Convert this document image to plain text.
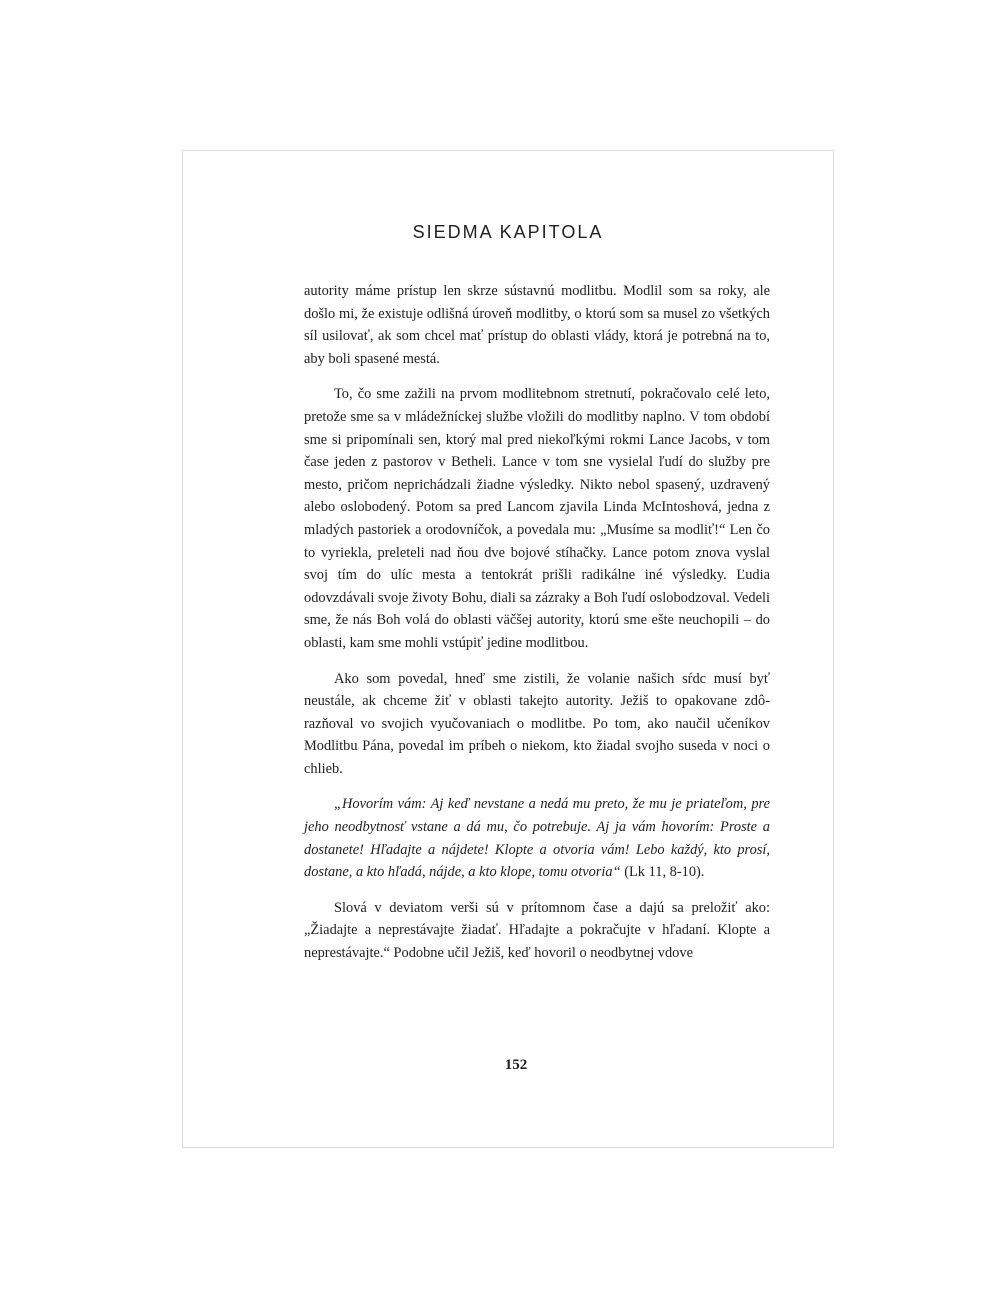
SIEDMA KAPITOLA

autority máme prístup len skrze sústavnú modlitbu. Modlil som sa roky, ale došlo mi, že existuje odlišná úroveň modlitby, o ktorú som sa musel zo všetkých síl usilovať, ak som chcel mať prístup do oblasti vlády, ktorá je potrebná na to, aby boli spasené mestá.

To, čo sme zažili na prvom modlitebnom stretnutí, pokračovalo celé leto, pretože sme sa v mládežníckej službe vložili do modlitby naplno. V tom období sme si pripomínali sen, ktorý mal pred niekoľkými rokmi Lance Jacobs, v tom čase jeden z pastorov v Betheli. Lance v tom sne vysielal ľudí do služby pre mesto, pričom neprichádzali žiadne výsledky. Nikto nebol spasený, uzdravený alebo oslobodený. Potom sa pred Lancom zjavila Linda McIntoshová, jedna z mladých pastoriek a orodovníčok, a povedala mu: „Musíme sa modliť!“ Len čo to vyriekla, preleteli nad ňou dve bojové stíhačky. Lance potom znova vyslal svoj tím do ulíc mesta a tentokrát prišli radikálne iné výsledky. Ľudia odovzdávali svoje životy Bohu, diali sa zázraky a Boh ľudí oslobodzoval. Vedeli sme, že nás Boh volá do oblasti väčšej autority, ktorú sme ešte neuchopili – do oblasti, kam sme mohli vstúpiť jedine modlitbou.

Ako som povedal, hneď sme zistili, že volanie našich sŕdc musí byť neustále, ak chceme žiť v oblasti takejto autority. Ježiš to opakovane zdôrazňoval vo svojich vyučovaniach o modlitbe. Po tom, ako naučil učeníkov Modlitbu Pána, povedal im príbeh o niekom, kto žiadal svojho suseda v noci o chlieb.

„Hovorím vám: Aj keď nevstane a nedá mu preto, že mu je priateľom, pre jeho neodbytnosť vstane a dá mu, čo potrebuje. Aj ja vám hovorím: Proste a dostanete! Hľadajte a nájdete! Klopte a otvoria vám! Lebo každý, kto prosí, dostane, a kto hľadá, nájde, a kto klope, tomu otvoria“ (Lk 11, 8-10).

Slová v deviatom verši sú v prítomnom čase a dajú sa preložiť ako: „Žiadajte a neprestávajte žiadať. Hľadajte a pokračujte v hľadaní. Klopte a neprestávajte.“ Podobne učil Ježiš, keď hovoril o neodbytnej vdove

152
